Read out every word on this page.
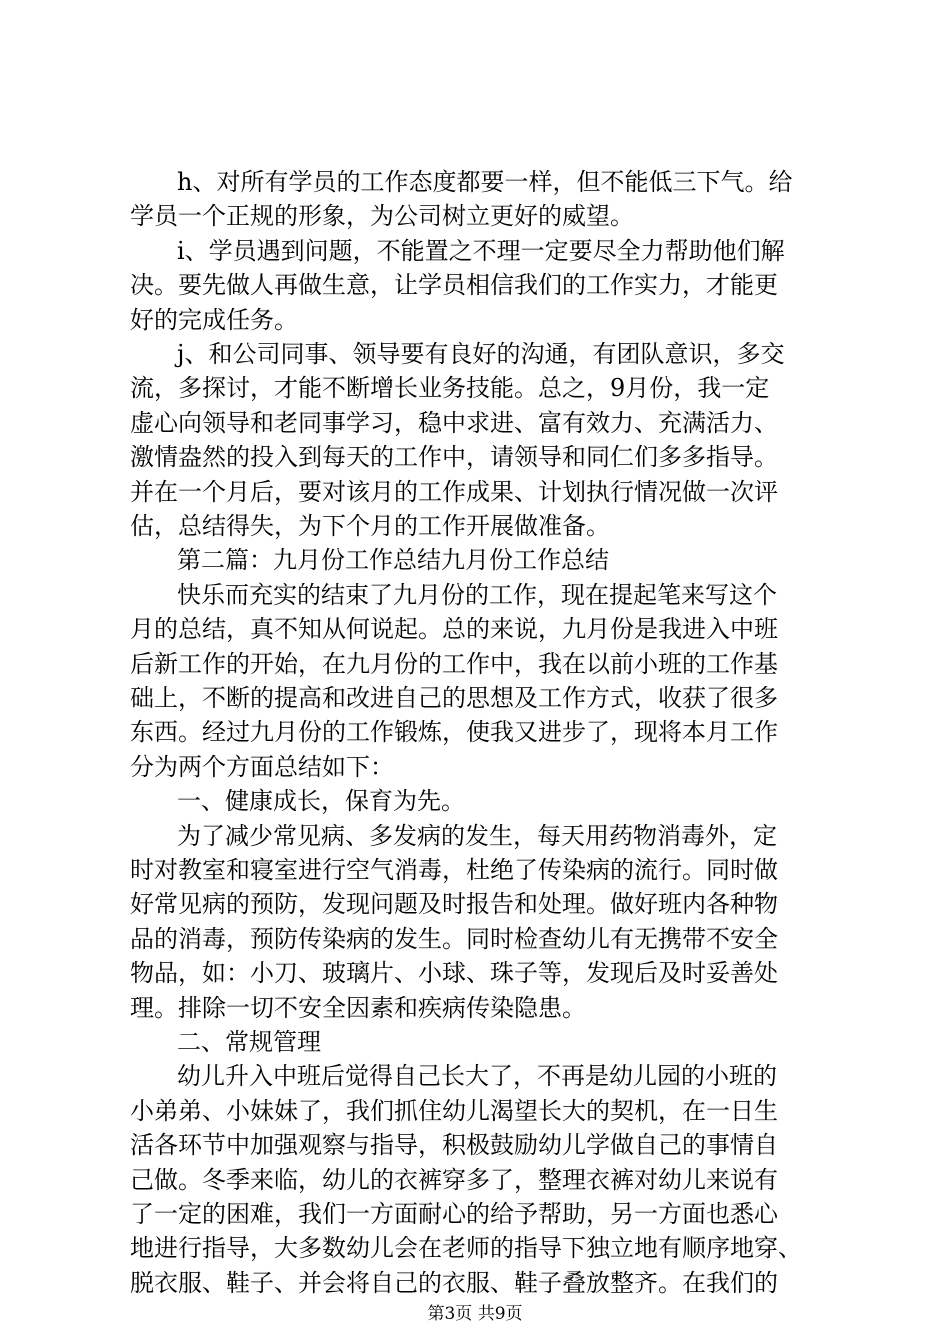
h、对所有学员的工作态度都要一样，但不能低三下气。给
学员一个正规的形象，为公司树立更好的威望。
i、学员遇到问题，不能置之不理一定要尽全力帮助他们解
决。要先做人再做生意，让学员相信我们的工作实力，才能更
好的完成任务。
j、和公司同事、领导要有良好的沟通，有团队意识，多交
流，多探讨，才能不断增长业务技能。总之，9月份，我一定
虚心向领导和老同事学习，稳中求进、富有效力、充满活力、
激情盎然的投入到每天的工作中，请领导和同仁们多多指导。
并在一个月后，要对该月的工作成果、计划执行情况做一次评
估，总结得失，为下个月的工作开展做准备。
第二篇：九月份工作总结九月份工作总结
快乐而充实的结束了九月份的工作，现在提起笔来写这个
月的总结，真不知从何说起。总的来说，九月份是我进入中班
后新工作的开始，在九月份的工作中，我在以前小班的工作基
础上，不断的提高和改进自己的思想及工作方式，收获了很多
东西。经过九月份的工作锻炼，使我又进步了，现将本月工作
分为两个方面总结如下：
一、健康成长，保育为先。
为了减少常见病、多发病的发生，每天用药物消毒外，定
时对教室和寝室进行空气消毒，杜绝了传染病的流行。同时做
好常见病的预防，发现问题及时报告和处理。做好班内各种物
品的消毒，预防传染病的发生。同时检查幼儿有无携带不安全
物品，如：小刀、玻璃片、小球、珠子等，发现后及时妥善处
理。排除一切不安全因素和疾病传染隐患。
二、常规管理
幼儿升入中班后觉得自己长大了，不再是幼儿园的小班的
小弟弟、小妹妹了，我们抓住幼儿渴望长大的契机，在一日生
活各环节中加强观察与指导，积极鼓励幼儿学做自己的事情自
己做。冬季来临，幼儿的衣裤穿多了，整理衣裤对幼儿来说有
了一定的困难，我们一方面耐心的给予帮助，另一方面也悉心
地进行指导，大多数幼儿会在老师的指导下独立地有顺序地穿、
脱衣服、鞋子、并会将自己的衣服、鞋子叠放整齐。在我们的
第3页 共9页
